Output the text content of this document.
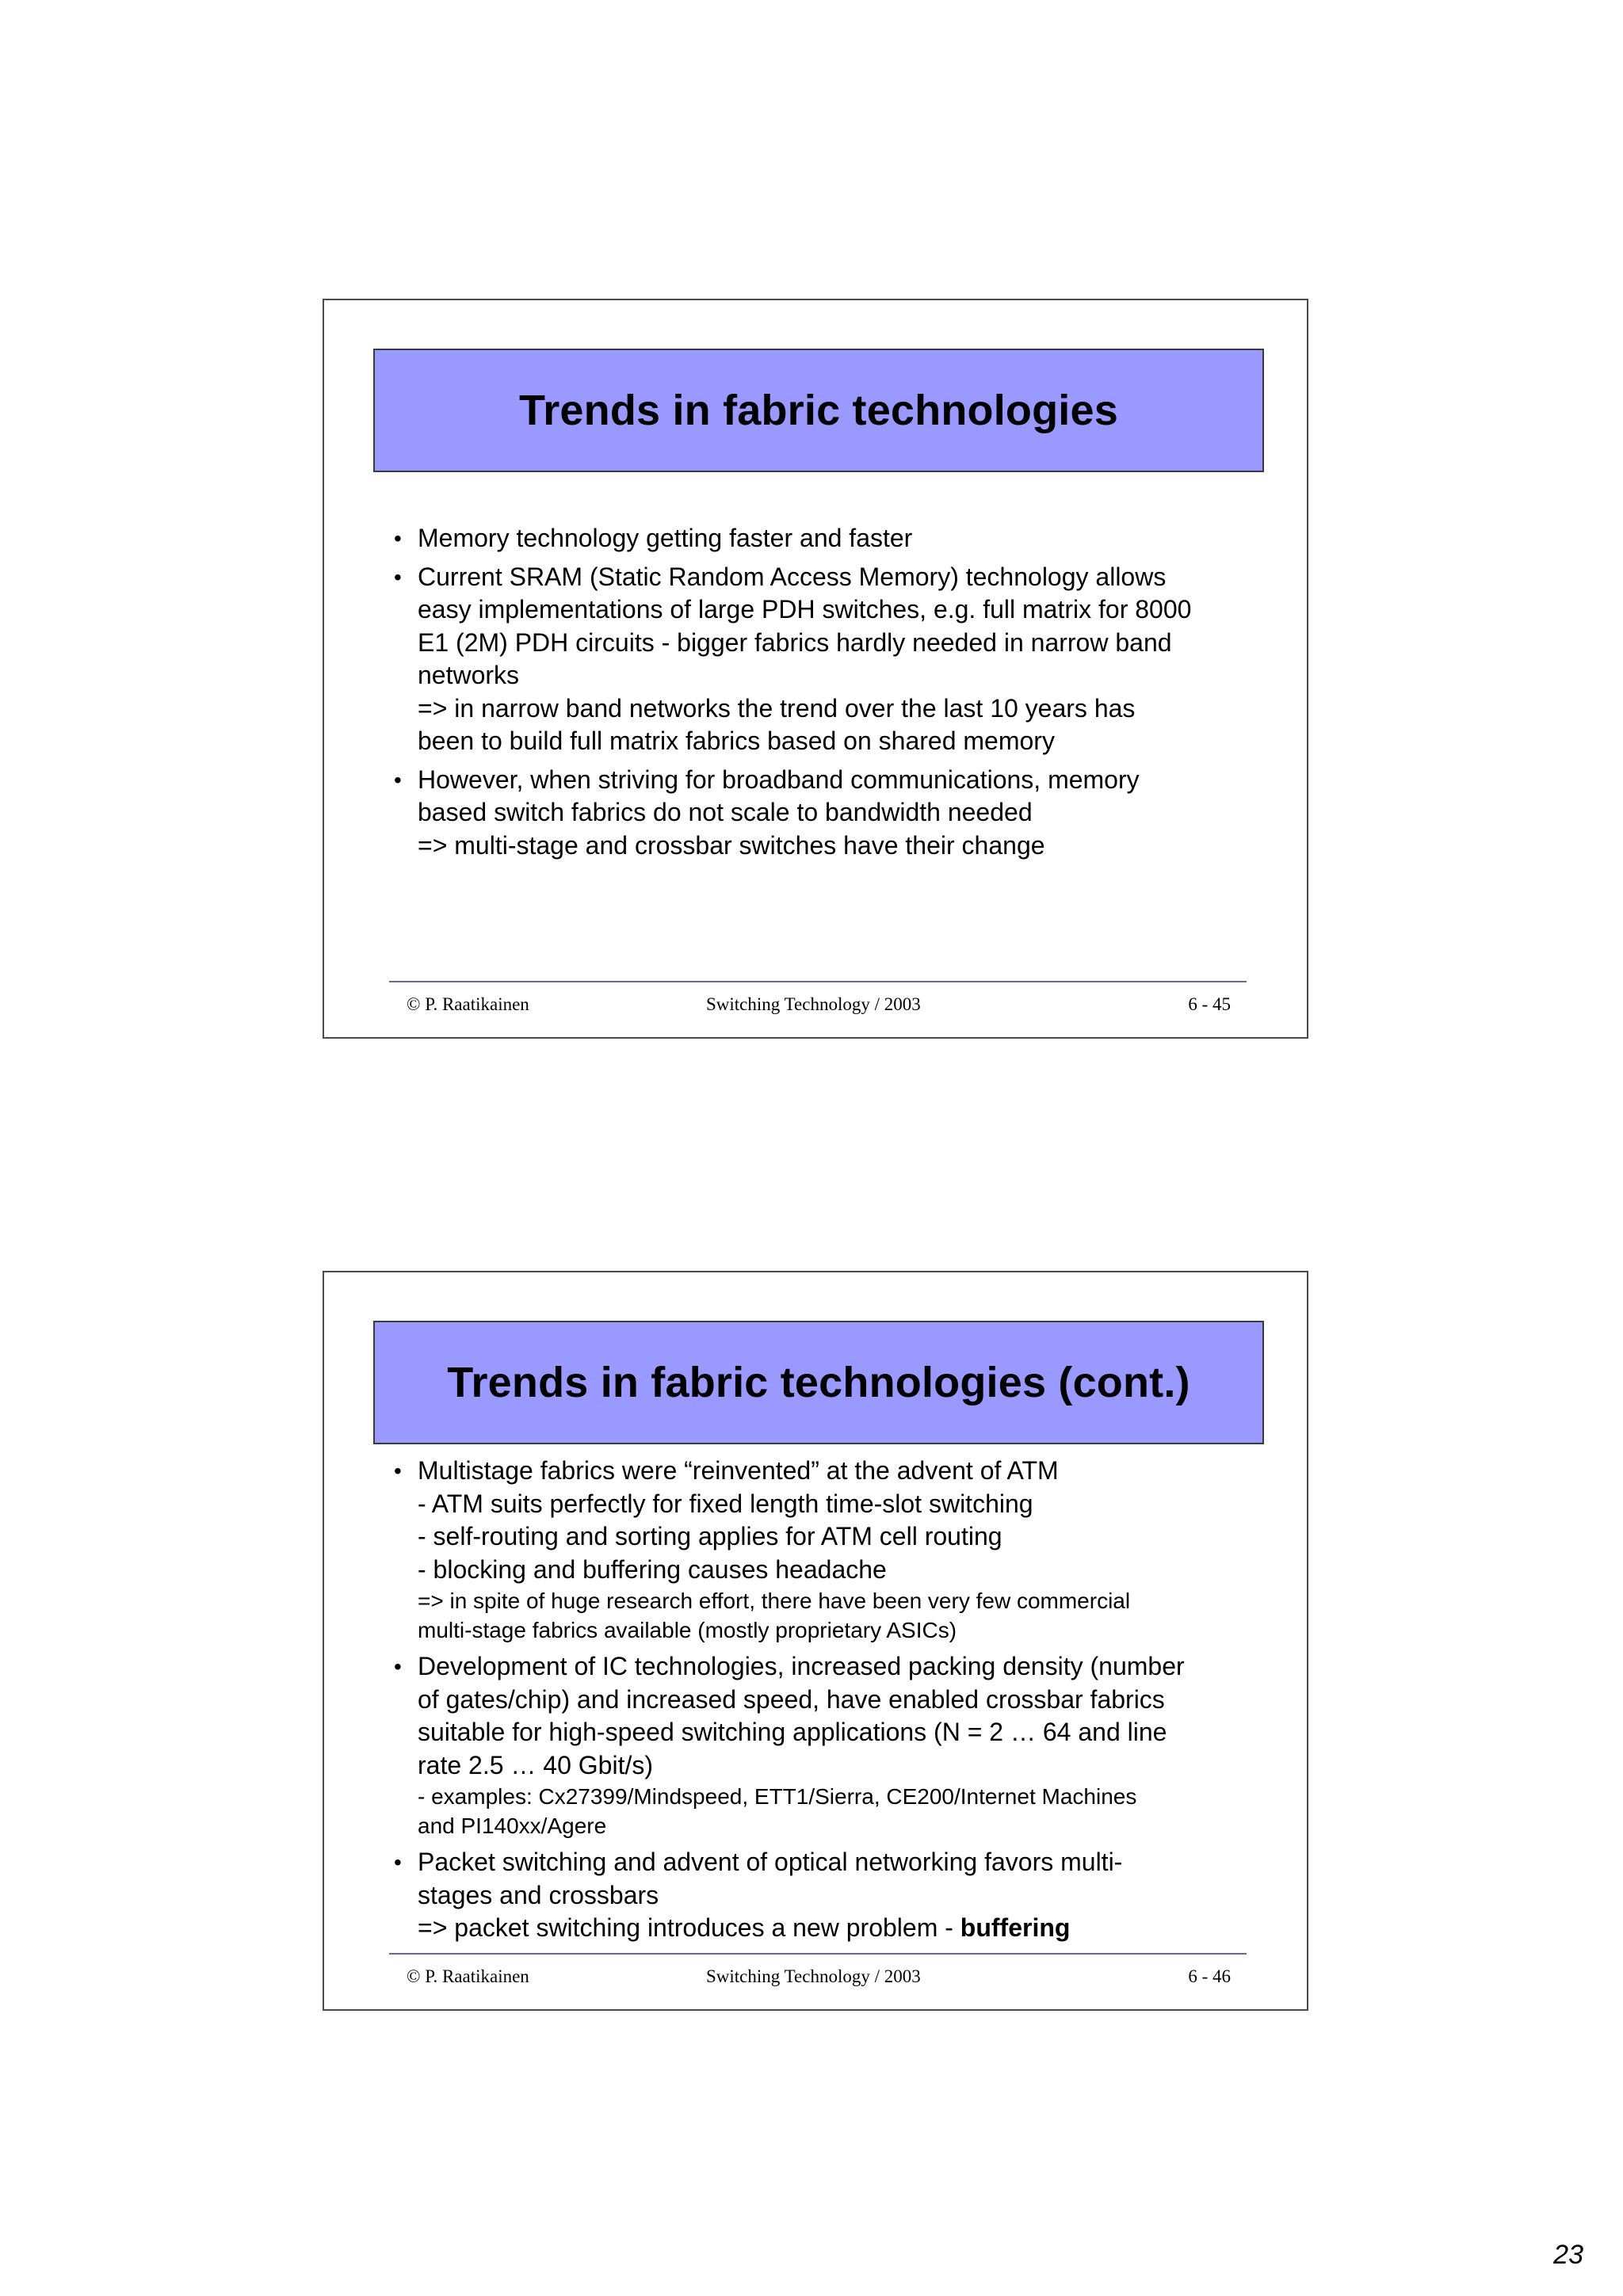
Trends in fabric technologies
• Memory technology getting faster and faster
• Current SRAM (Static Random Access Memory) technology allows
easy implementations of large PDH switches, e.g. full matrix for 8000
E1 (2M) PDH circuits - bigger fabrics hardly needed in narrow band
networks
=> in narrow band networks the trend over the last 10 years has
been to build full matrix fabrics based on shared memory
• However, when striving for broadband communications, memory
based switch fabrics do not scale to bandwidth needed
=> multi-stage and crossbar switches have their change
© P. Raatikainen	Switching Technology / 2003	6 - 45
Trends in fabric technologies (cont.)
• Multistage fabrics were “reinvented” at the advent of ATM
- ATM suits perfectly for fixed length time-slot switching
- self-routing and sorting applies for ATM cell routing
- blocking and buffering causes headache
=> in spite of huge research effort, there have been very few commercial
multi-stage fabrics available (mostly proprietary ASICs)
• Development of IC technologies, increased packing density (number
of gates/chip) and increased speed, have enabled crossbar fabrics
suitable for high-speed switching applications (N = 2 … 64 and line
rate 2.5 … 40 Gbit/s)
- examples: Cx27399/Mindspeed, ETT1/Sierra, CE200/Internet Machines
and PI140xx/Agere
• Packet switching and advent of optical networking favors multi-
stages and crossbars
=> packet switching introduces a new problem - buffering
© P. Raatikainen	Switching Technology / 2003	6 - 46
23
